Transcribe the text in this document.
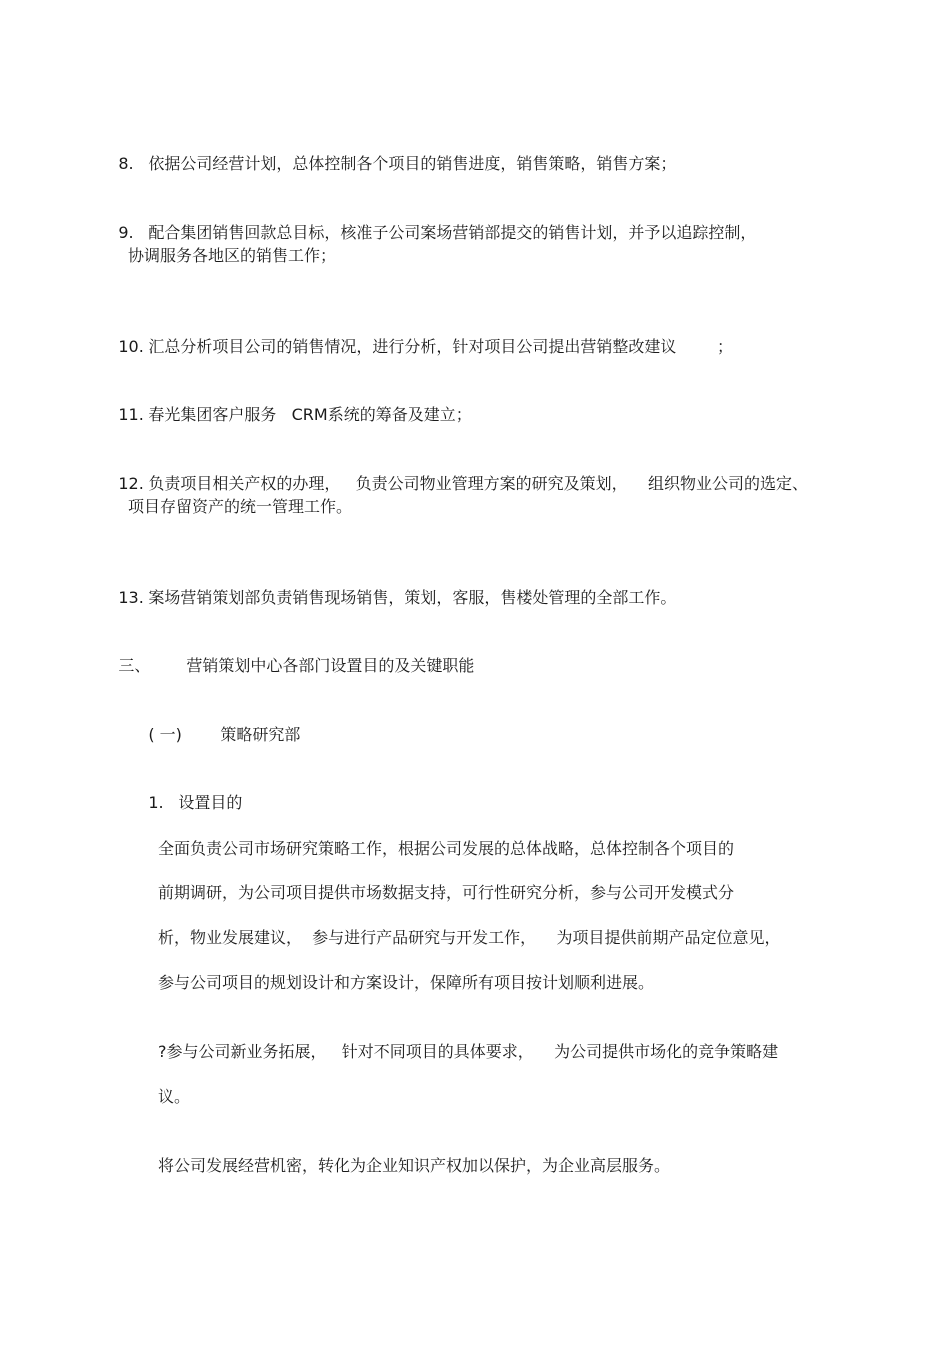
8. 依据公司经营计划，总体控制各个项目的销售进度，销售策略，销售方案；

9. 配合集团销售回款总目标，核准子公司案场营销部提交的销售计划，并予以追踪控制，

协调服务各地区的销售工作；

10. 汇总分析项目公司的销售情况，进行分析，针对项目公司提出营销整改建议        ；

11. 春光集团客户服务   CRM系统的筹备及建立；

12. 负责项目相关产权的办理，   负责公司物业管理方案的研究及策划，    组织物业公司的选定、

项目存留资产的统一管理工作。

13. 案场营销策划部负责销售现场销售，策划，客服，售楼处管理的全部工作。

三、 营销策划中心各部门设置目的及关键职能

( 一) 策略研究部

1. 设置目的

全面负责公司市场研究策略工作，根据公司发展的总体战略，总体控制各个项目的
前期调研，为公司项目提供市场数据支持，可行性研究分析，参与公司开发模式分
析，物业发展建议，  参与进行产品研究与开发工作，    为项目提供前期产品定位意见，
参与公司项目的规划设计和方案设计，保障所有项目按计划顺利进展。
?参与公司新业务拓展，   针对不同项目的具体要求，    为公司提供市场化的竞争策略建
议。
将公司发展经营机密，转化为企业知识产权加以保护，为企业高层服务。
